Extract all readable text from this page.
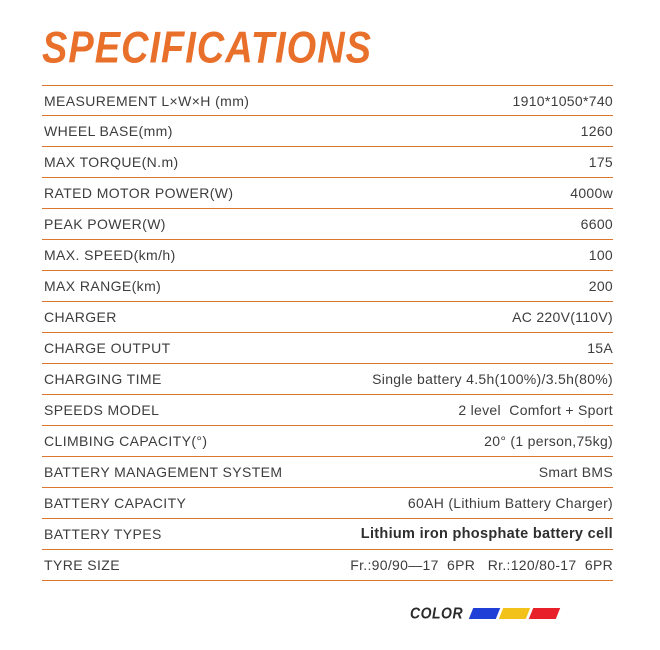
SPECIFICATIONS
MEASUREMENT L×W×H (mm)	1910*1050*740
WHEEL BASE(mm)	1260
MAX TORQUE(N.m)	175
RATED MOTOR POWER(W)	4000w
PEAK POWER(W)	6600
MAX. SPEED(km/h)	100
MAX RANGE(km)	200
CHARGER	AC 220V(110V)
CHARGE OUTPUT	15A
CHARGING TIME	Single battery 4.5h(100%)/3.5h(80%)
SPEEDS MODEL	2 level  Comfort + Sport
CLIMBING CAPACITY(°)	20° (1 person,75kg)
BATTERY MANAGEMENT SYSTEM	Smart BMS
BATTERY CAPACITY	60AH (Lithium Battery Charger)
BATTERY TYPES	Lithium iron phosphate battery cell
TYRE SIZE	Fr.:90/90—17  6PR   Rr.:120/80-17  6PR
COLOR
